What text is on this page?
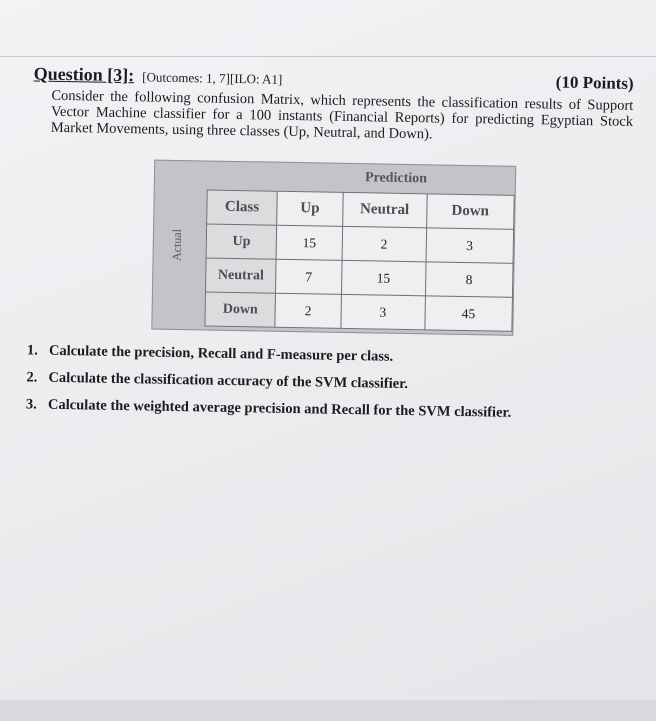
Question [3]: [Outcomes: 1, 7][ILO: A1]	(10 Points)
Consider the following confusion Matrix, which represents the classification results of Support Vector Machine classifier for a 100 instants (Financial Reports) for predicting Egyptian Stock Market Movements, using three classes (Up, Neutral, and Down).
Actual
Prediction
Class	Up	Neutral	Down
Up	15	2	3
Neutral	7	15	8
Down	2	3	45
1. Calculate the precision, Recall and F-measure per class.
2. Calculate the classification accuracy of the SVM classifier.
3. Calculate the weighted average precision and Recall for the SVM classifier.
